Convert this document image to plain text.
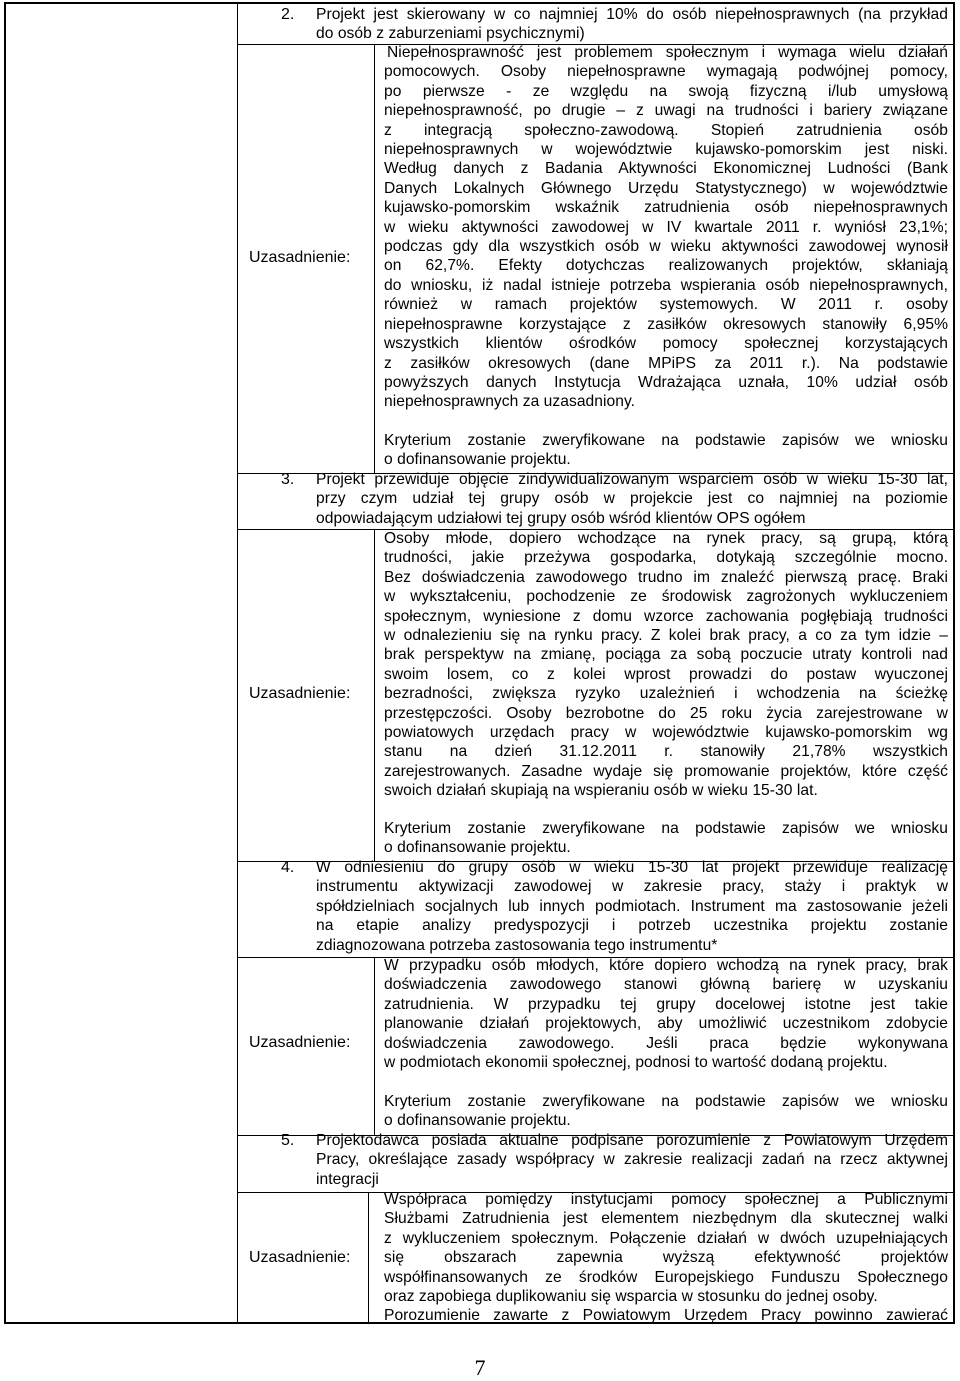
2. Projekt jest skierowany w co najmniej 10% do osób niepełnosprawnych (na przykład
do osób z zaburzeniami psychicznymi)
Uzasadnienie:
Niepełnosprawność jest problemem społecznym i wymaga wielu działań
pomocowych. Osoby niepełnosprawne wymagają podwójnej pomocy,
po pierwsze - ze względu na swoją fizyczną i/lub umysłową
niepełnosprawność, po drugie – z uwagi na trudności i bariery związane
z integracją społeczno-zawodową. Stopień zatrudnienia osób
niepełnosprawnych w województwie kujawsko-pomorskim jest niski.
Według danych z Badania Aktywności Ekonomicznej Ludności (Bank
Danych Lokalnych Głównego Urzędu Statystycznego) w województwie
kujawsko-pomorskim wskaźnik zatrudnienia osób niepełnosprawnych
w wieku aktywności zawodowej w IV kwartale 2011 r. wyniósł 23,1%;
podczas gdy dla wszystkich osób w wieku aktywności zawodowej wynosił
on 62,7%. Efekty dotychczas realizowanych projektów, skłaniają
do wniosku, iż nadal istnieje potrzeba wspierania osób niepełnosprawnych,
również w ramach projektów systemowych. W 2011 r. osoby
niepełnosprawne korzystające z zasiłków okresowych stanowiły 6,95%
wszystkich klientów ośrodków pomocy społecznej korzystających
z zasiłków okresowych (dane MPiPS za 2011 r.). Na podstawie
powyższych danych Instytucja Wdrażająca uznała, 10% udział osób
niepełnosprawnych za uzasadniony.
Kryterium zostanie zweryfikowane na podstawie zapisów we wniosku
o dofinansowanie projektu.
3. Projekt przewiduje objęcie zindywidualizowanym wsparciem osób w wieku 15-30 lat,
przy czym udział tej grupy osób w projekcie jest co najmniej na poziomie
odpowiadającym udziałowi tej grupy osób wśród klientów OPS ogółem
Uzasadnienie:
Osoby młode, dopiero wchodzące na rynek pracy, są grupą, którą
trudności, jakie przeżywa gospodarka, dotykają szczególnie mocno.
Bez doświadczenia zawodowego trudno im znaleźć pierwszą pracę. Braki
w wykształceniu, pochodzenie ze środowisk zagrożonych wykluczeniem
społecznym, wyniesione z domu wzorce zachowania pogłębiają trudności
w odnalezieniu się na rynku pracy. Z kolei brak pracy, a co za tym idzie –
brak perspektyw na zmianę, pociąga za sobą poczucie utraty kontroli nad
swoim losem, co z kolei wprost prowadzi do postaw wyuczonej
bezradności, zwiększa ryzyko uzależnień i wchodzenia na ścieżkę
przestępczości. Osoby bezrobotne do 25 roku życia zarejestrowane w
powiatowych urzędach pracy w województwie kujawsko-pomorskim wg
stanu na dzień 31.12.2011 r. stanowiły 21,78% wszystkich
zarejestrowanych. Zasadne wydaje się promowanie projektów, które część
swoich działań skupiają na wspieraniu osób w wieku 15-30 lat.
Kryterium zostanie zweryfikowane na podstawie zapisów we wniosku
o dofinansowanie projektu.
4. W odniesieniu do grupy osób w wieku 15-30 lat projekt przewiduje realizację
instrumentu aktywizacji zawodowej w zakresie pracy, staży i praktyk w
spółdzielniach socjalnych lub innych podmiotach. Instrument ma zastosowanie jeżeli
na etapie analizy predyspozycji i potrzeb uczestnika projektu zostanie
zdiagnozowana potrzeba zastosowania tego instrumentu*
Uzasadnienie:
W przypadku osób młodych, które dopiero wchodzą na rynek pracy, brak
doświadczenia zawodowego stanowi główną barierę w uzyskaniu
zatrudnienia. W przypadku tej grupy docelowej istotne jest takie
planowanie działań projektowych, aby umożliwić uczestnikom zdobycie
doświadczenia zawodowego. Jeśli praca będzie wykonywana
w podmiotach ekonomii społecznej, podnosi to wartość dodaną projektu.
Kryterium zostanie zweryfikowane na podstawie zapisów we wniosku
o dofinansowanie projektu.
5. Projektodawca posiada aktualne podpisane porozumienie z Powiatowym Urzędem
Pracy, określające zasady współpracy w zakresie realizacji zadań na rzecz aktywnej
integracji
Uzasadnienie:
Współpraca pomiędzy instytucjami pomocy społecznej a Publicznymi
Służbami Zatrudnienia jest elementem niezbędnym dla skutecznej walki
z wykluczeniem społecznym. Połączenie działań w dwóch uzupełniających
się obszarach zapewnia wyższą efektywność projektów
współfinansowanych ze środków Europejskiego Funduszu Społecznego
oraz zapobiega duplikowaniu się wsparcia w stosunku do jednej osoby.
Porozumienie zawarte z Powiatowym Urzędem Pracy powinno zawierać
7
